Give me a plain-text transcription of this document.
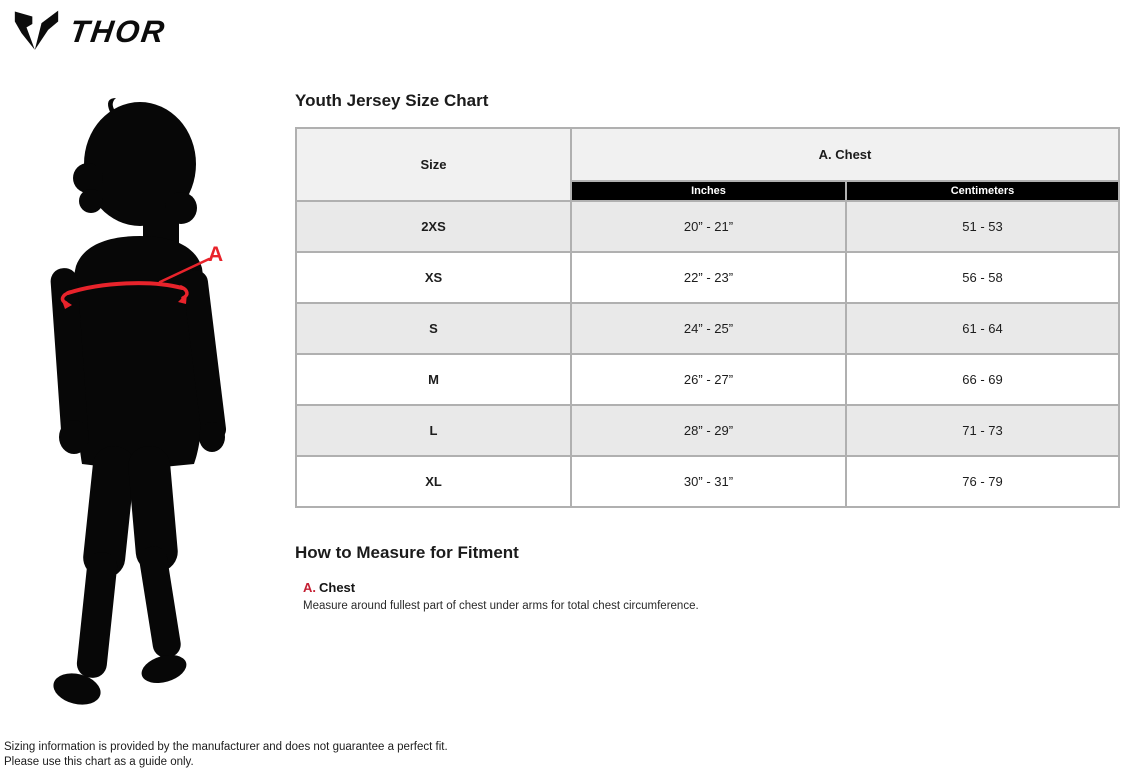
THOR
A
Youth Jersey Size Chart
Size	A. Chest	
	Inches	Centimeters
2XS	20” - 21”	51 - 53
XS	22” - 23”	56 - 58
S	24” - 25”	61 - 64
M	26” - 27”	66 - 69
L	28” - 29”	71 - 73
XL	30” - 31”	76 - 79
How to Measure for Fitment
A. Chest
Measure around fullest part of chest under arms for total chest circumference.
Sizing information is provided by the manufacturer and does not guarantee a perfect fit.
Please use this chart as a guide only.
